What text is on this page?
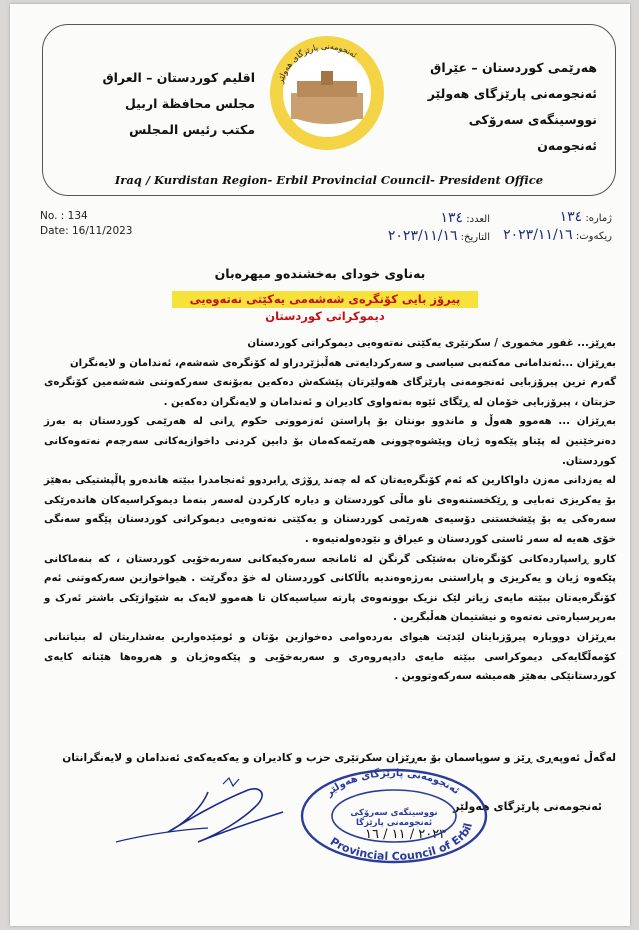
هەرێمی کوردستان – عێراق
ئەنجومەنی پارێزگای هەولێر
نووسینگەی سەرۆکی ئەنجومەن
اقليم كوردستان – العراق
مجلس محافظة اربيل
مكتب رئيس المجلس
ئەنجومەنی پارێزگای هەولێر
Iraq / Kurdistan Region- Erbil Provincial Council- President Office
No. : 134
Date: 16/11/2023
ژمارە: ١٣٤
ریکەوت: ٢٠٢٣/١١/١٦
العدد: ١٣٤
التاريخ: ٢٠٢٣/١١/١٦
بەناوی خودای بەخشندەو میهرەبان
پیرۆز بایی کۆنگرەی شەشەمی یەکێتی نەتەوەیی دیموکراتی کوردستان

بەڕێز... غفور مخموری / سکرتێری یەکێتی نەتەوەیی دیموکراتی کوردستان

بەڕێزان ...ئەندامانی مەکتەبی سیاسی و سەرکردایەتی هەڵبژێردراو لە کۆنگرەی شەشەم، ئەندامان و لایەنگران

گەرم ترین پیرۆزبایی ئەنجومەنی پارێزگای هەولێرتان پێشکەش دەکەین بەبۆنەی سەرکەوتنی شەشەمین کۆنگرەی حزبتان ، پیرۆزبایی خۆمان لە ڕێگای ئێوە بەتەواوی کادیران و ئەندامان و لایەنگران دەکەین .

بەڕێزان ... هەموو هەوڵ و ماندوو بونتان بۆ پاراستن ئەزموونی حکوم ڕانی لە هەرێمی کوردستان بە بەرز دەنرخێنین لە پێناو پێکەوە ژیان وپێشوەچوونی هەرێمەکەمان بۆ دابین کردنی داخوازیەکانی سەرجەم نەتەوەکانی کوردستان.

لە یەزدانی مەزن داواکارین کە ئەم کۆنگرەیەتان کە لە چەند ڕۆژی ڕابردوو ئەنجامدرا ببێتە هاندەرو پاڵپشتیکی بەهێز بۆ یەکریزی تەبایی و ڕێکخستنەوەی ناو ماڵی کوردستان و دیارە کارکردن لەسەر بنەما دیموکراسیەکان هاندەرێکی سەرەکی یە بۆ پێشخستنی دۆسیەی هەرێمی کوردستان و یەکێتی نەتەوەیی دیموکراتی کوردستان پێگەو سەنگی خۆی هەیە لە سەر ئاستی کوردستان و عیراق و نێودەولەتیەوە .

کارو ڕاسپاردەکانی کۆنگرەتان بەشێکی گرنگن لە ئامانجە سەرەکیەکانی سەربەخۆیی کوردستان ، کە بنەماکانی پێکەوە ژیان و یەکریزی و پاراستنی بەرژەوەندیە باڵاکانی کوردستان لە خۆ دەگرێت . هیواخوازین سەرکەوتنی ئەم کۆنگرەیەتان ببێتە مایەی زیاتر لێک نزیک بوونەوەی پارتە سیاسیەکان تا هەموو لایەک بە شێوازێکی باشتر ئەرک و بەرپرسیارەتی نەتەوە و نیشتیمان هەڵبگرین .

بەڕێزان دووبارە پیرۆزبایتان لێدێت هیوای بەردەوامی دەخوازین بۆتان و ئومێدەوارین بەشداریتان لە بنیاتنانی کۆمەڵگایەکی دیموکراسی ببێتە مایەی دادپەروەری و سەربەخۆیی و پێکەوەژیان و هەروەها هێنانە کایەی کوردستانێکی بەهێز هەمیشە سەرکەوتووبن .

لەگەڵ ئەوپەڕی ڕێز و سوپاسمان بۆ بەڕێزان سکرتێری حزب و کادیران و یەکەیەکەی ئەندامان و لایەنگرانتان
ئەنجومەنی پارێزگای هەولێر
٢٠٢٣ / ١١ / ١٦
ئەنجومەنی پارێزگای هەولێر
Provincial Council of Erbil
نووسینگەی سەرۆکی ئەنجومەنی پارێزگا
